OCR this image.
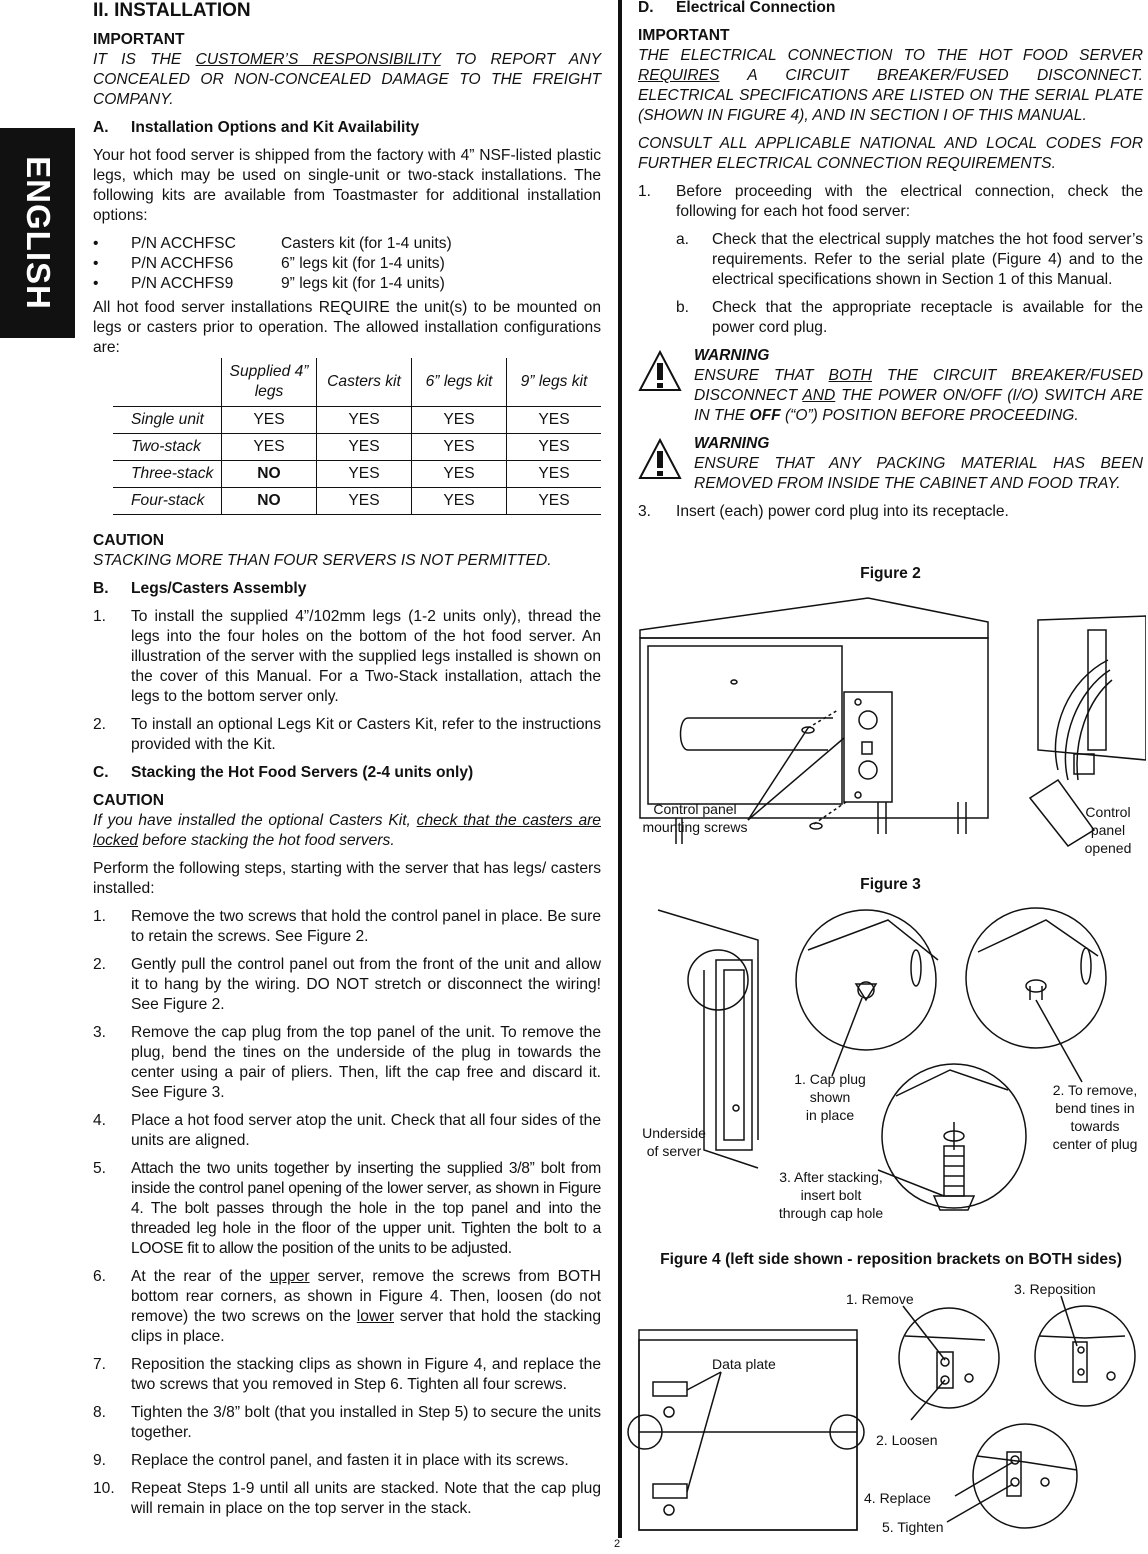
ENGLISH
2
II. INSTALLATION
IMPORTANT

IT IS THE CUSTOMER’S RESPONSIBILITY TO REPORT ANY CONCEALED OR NON-CONCEALED DAMAGE TO THE FREIGHT COMPANY.

A.	Installation Options and Kit Availability

Your hot food server is shipped from the factory with 4” NSF-listed plastic legs, which may be used on single-unit or two-stack installations. The following kits are available from Toastmaster for additional installation options:

•	P/N ACCHFSC	Casters kit (for 1-4 units)
•	P/N ACCHFS6	6” legs kit (for 1-4 units)
•	P/N ACCHFS9	9” legs kit (for 1-4 units)

All hot food server installations REQUIRE the unit(s) to be mounted on legs or casters prior to operation. The allowed installation configurations are:

	Supplied 4” legs	Casters kit	6” legs kit	9” legs kit
Single unit	YES	YES	YES	YES
Two-stack	YES	YES	YES	YES
Three-stack	NO	YES	YES	YES
Four-stack	NO	YES	YES	YES
CAUTION

STACKING MORE THAN FOUR SERVERS IS NOT PERMITTED.

B.	Legs/Casters Assembly
1.	To install the supplied 4”/102mm legs (1-2 units only), thread the legs into the four holes on the bottom of the hot food server. An illustration of the server with the supplied legs installed is shown on the cover of this Manual. For a Two-Stack installation, attach the legs to the bottom server only.
2.	To install an optional Legs Kit or Casters Kit, refer to the instructions provided with the Kit.
C.	Stacking the Hot Food Servers (2-4 units only)
CAUTION

If you have installed the optional Casters Kit, check that the casters are locked before stacking the hot food servers.

Perform the following steps, starting with the server that has legs/ casters installed:

1.	Remove the two screws that hold the control panel in place. Be sure to retain the screws. See Figure 2.
2.	Gently pull the control panel out from the front of the unit and allow it to hang by the wiring. DO NOT stretch or disconnect the wiring! See Figure 2.
3.	Remove the cap plug from the top panel of the unit. To remove the plug, bend the tines on the underside of the plug in towards the center using a pair of pliers. Then, lift the cap free and discard it. See Figure 3.
4.	Place a hot food server atop the unit. Check that all four sides of the units are aligned.
5.	Attach the two units together by inserting the supplied 3/8” bolt from inside the control panel opening of the lower server, as shown in Figure 4. The bolt passes through the hole in the top panel and into the threaded leg hole in the floor of the upper unit. Tighten the bolt to a LOOSE fit to allow the position of the units to be adjusted.
6.	At the rear of the upper server, remove the screws from BOTH bottom rear corners, as shown in Figure 4. Then, loosen (do not remove) the two screws on the lower server that hold the stacking clips in place.
7.	Reposition the stacking clips as shown in Figure 4, and replace the two screws that you removed in Step 6. Tighten all four screws.
8.	Tighten the 3/8” bolt (that you installed in Step 5) to secure the units together.
9.	Replace the control panel, and fasten it in place with its screws.
10.	Repeat Steps 1-9 until all units are stacked. Note that the cap plug will remain in place on the top server in the stack.
D.	Electrical Connection
IMPORTANT

THE ELECTRICAL CONNECTION TO THE HOT FOOD SERVER REQUIRES A CIRCUIT BREAKER/FUSED DISCONNECT. ELECTRICAL SPECIFICATIONS ARE LISTED ON THE SERIAL PLATE (SHOWN IN FIGURE 4), AND IN SECTION I OF THIS MANUAL.

CONSULT ALL APPLICABLE NATIONAL AND LOCAL CODES FOR FURTHER ELECTRICAL CONNECTION REQUIREMENTS.

1.	Before proceeding with the electrical connection, check the following for each hot food server:
a.	Check that the electrical supply matches the hot food server’s requirements. Refer to the serial plate (Figure 4) and to the electrical specifications shown in Section 1 of this Manual.
b.	Check that the appropriate receptacle is available for the power cord plug.
WARNING

ENSURE THAT BOTH THE CIRCUIT BREAKER/FUSED DISCONNECT AND THE POWER ON/OFF (I/O) SWITCH ARE IN THE OFF (“O”) POSITION BEFORE PROCEEDING.

WARNING

ENSURE THAT ANY PACKING MATERIAL HAS BEEN REMOVED FROM INSIDE THE CABINET AND FOOD TRAY.

3.	Insert (each) power cord plug into its receptacle.
Figure 2
Control panel
mounting screws
Control
panel
opened
Figure 3
1. Cap plug
shown
in place
2. To remove,
bend tines in
towards
center of plug
Underside
of server
3. After stacking,
insert bolt
through cap hole
Figure 4 (left side shown - reposition brackets on BOTH sides)
1. Remove
3. Reposition
Data plate
2. Loosen
4. Replace
5. Tighten
